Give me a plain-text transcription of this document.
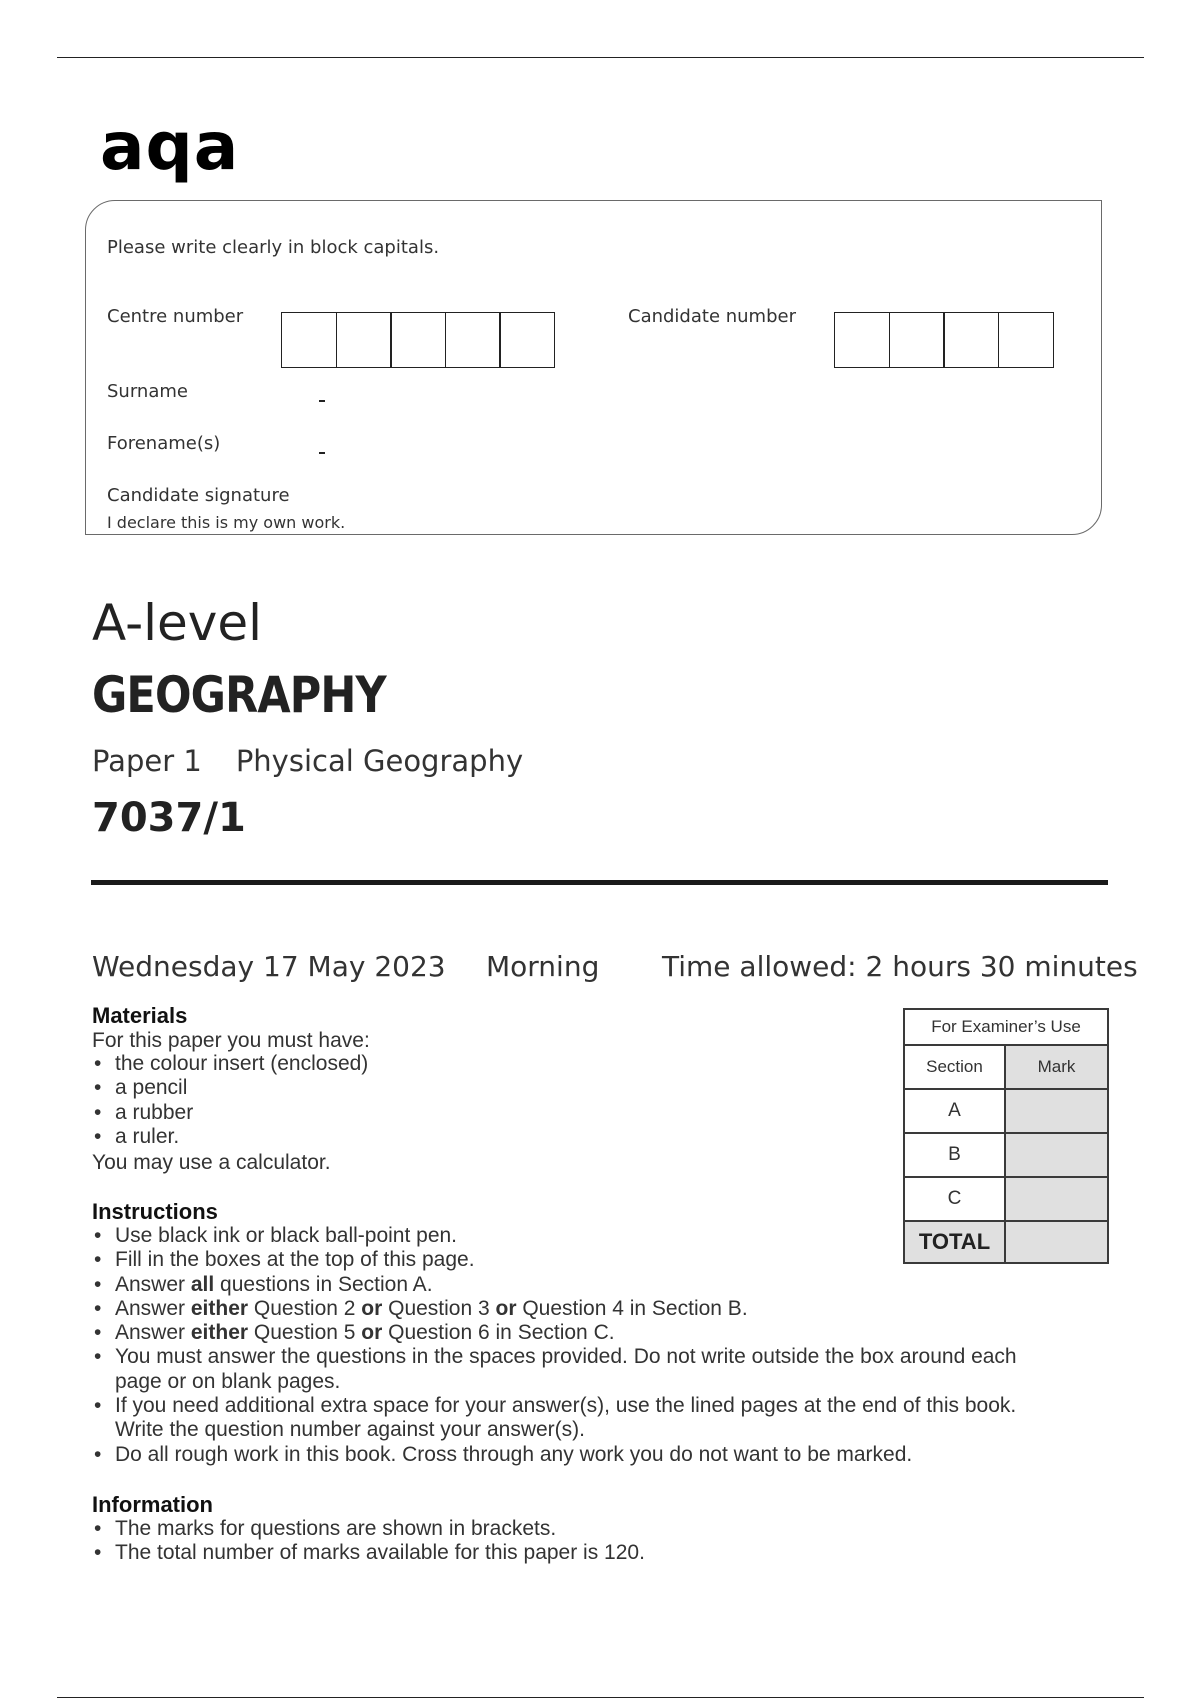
aqa
Please write clearly in block capitals.
Centre number	Candidate number
Surname
Forename(s)
Candidate signature
I declare this is my own work.
A-level
GEOGRAPHY
Paper 1 Physical Geography
7037/1
Wednesday 17 May 2023 Morning Time allowed: 2 hours 30 minutes
Materials
For this paper you must have:
• the colour insert (enclosed)
• a pencil
• a rubber
• a ruler.
You may use a calculator.
Instructions
• Use black ink or black ball-point pen.
• Fill in the boxes at the top of this page.
• Answer all questions in Section A.
• Answer either Question 2 or Question 3 or Question 4 in Section B.
• Answer either Question 5 or Question 6 in Section C.
• You must answer the questions in the spaces provided. Do not write outside the box around each
page or on blank pages.
• If you need additional extra space for your answer(s), use the lined pages at the end of this book.
Write the question number against your answer(s).
• Do all rough work in this book. Cross through any work you do not want to be marked.
Information
• The marks for questions are shown in brackets.
• The total number of marks available for this paper is 120.
For Examiner’s Use	
Section	Mark
A	
B	
C	
TOTAL	
